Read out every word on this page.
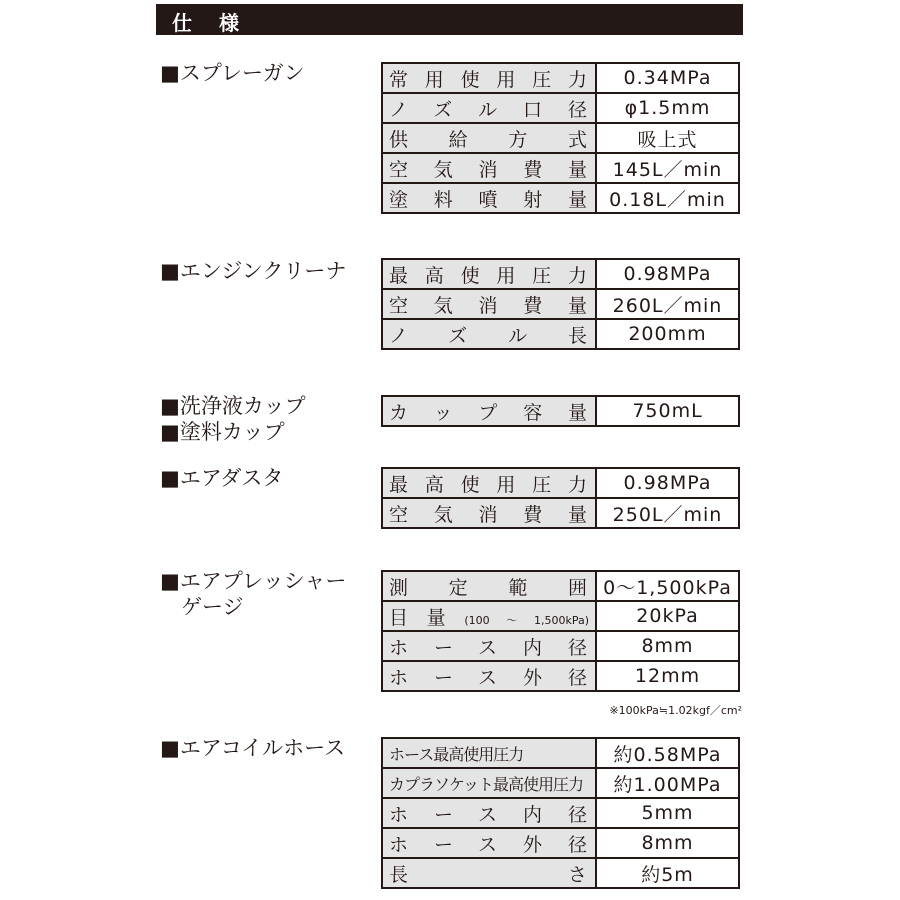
仕 様
■スプレーガン	常用使用圧力	0.34MPa
ノズル口径	φ1.5mm
供給方式	吸上式
空気消費量	145L／min
塗料噴射量	0.18L／min
■エンジンクリーナ 最高使用圧力	0.98MPa
空気消費量	260L／min
ノズル長	200mm
■洗浄液カップ
■塗料カップ
カップ容量	750mL
■エアダスタ	最高使用圧力	0.98MPa
空気消費量	250L／min
■エアプレッシャー
　ゲージ
測定範囲	0～1,500kPa
目量(100～1,500kPa)	20kPa
ホース内径	8mm
ホース外径	12mm
※100kPa≒1.02kgf／cm²
■エアコイルホース	ホース最高使用圧力	約0.58MPa
カプラソケット最高使用圧力	約1.00MPa
ホース内径	5mm
ホース外径	8mm
長さ	約5m
